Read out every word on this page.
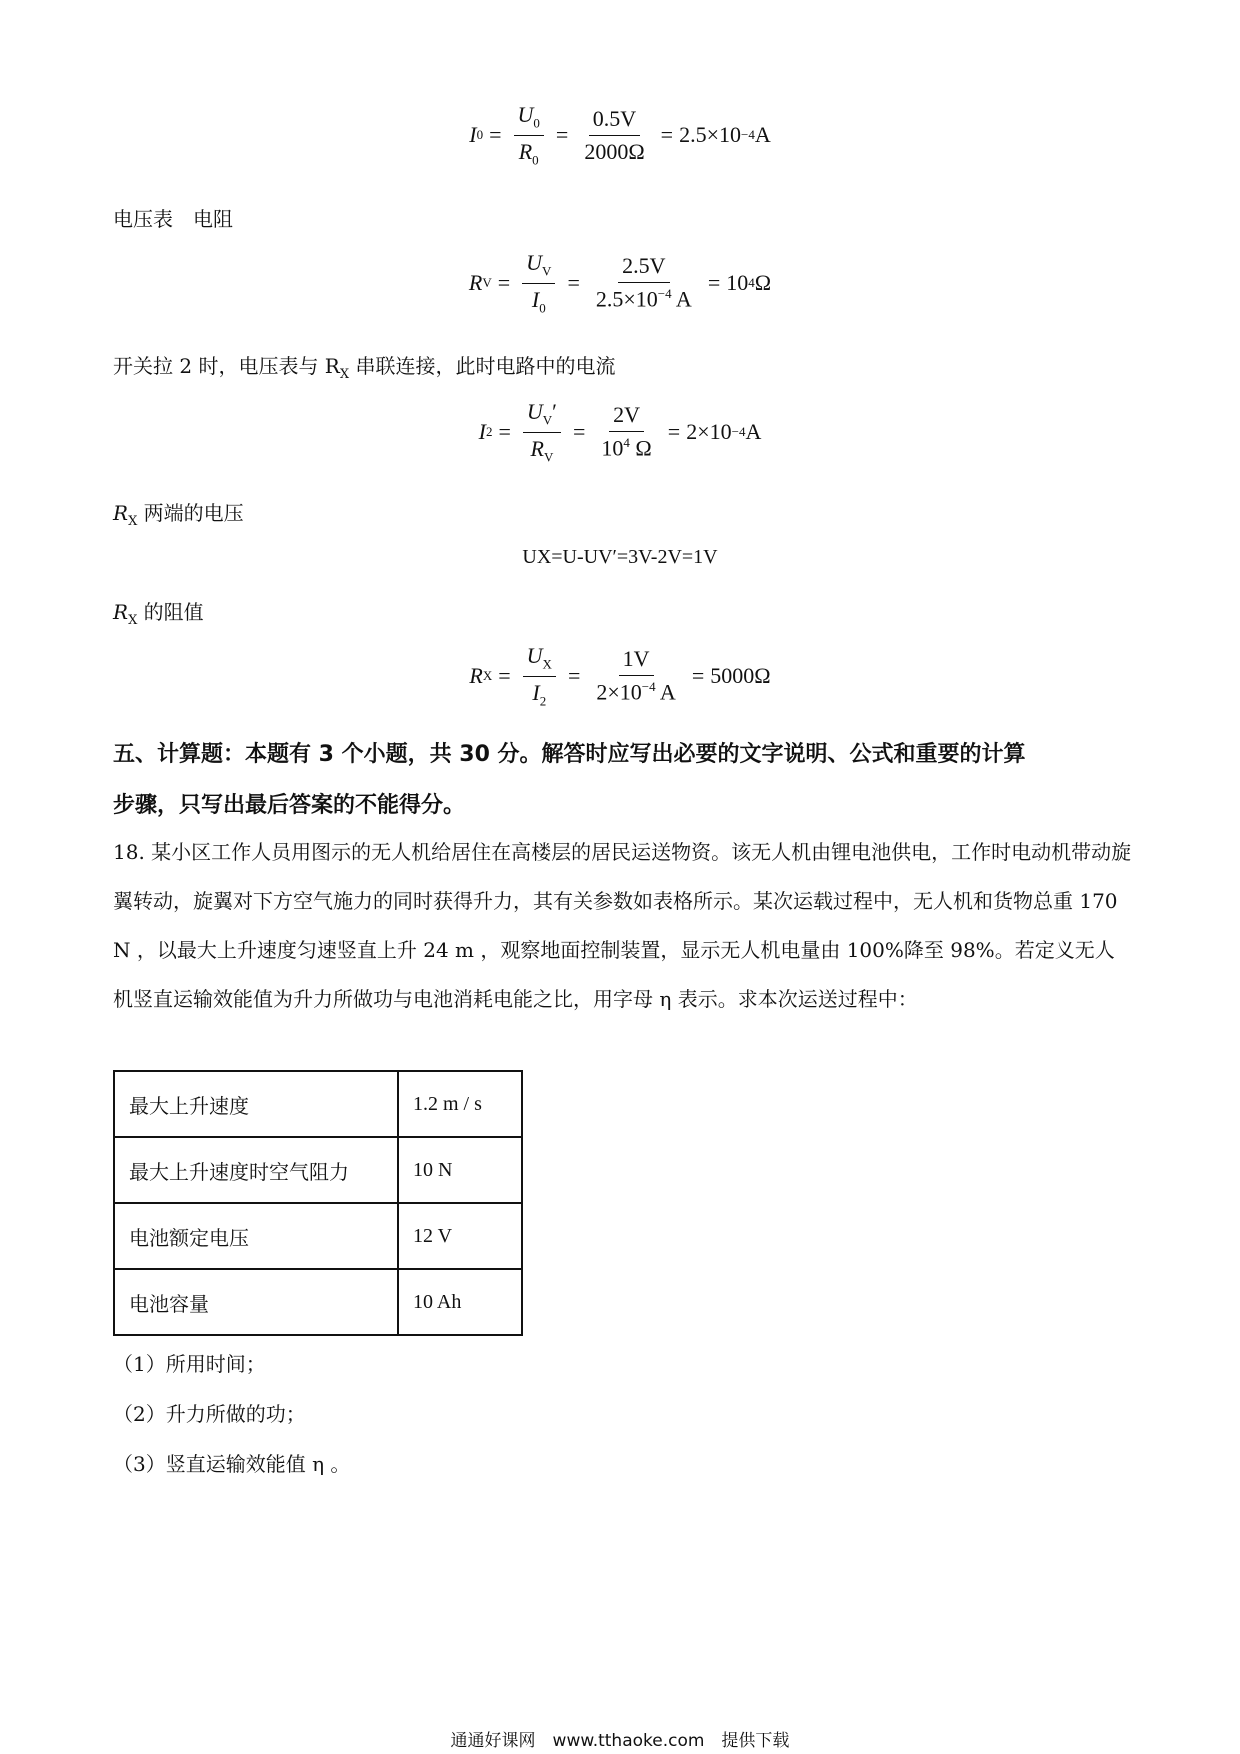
I $0 = \frac{U_0}{R_0} = \frac{0.5V}{2000\Omega} = 2.5\times 10 -4$ A
电压表　电阻
R $V = \frac{U_V}{I_0} = \frac{2.5V}{2.5\times 10^{-4} A} = 10$ 4 Ω
开关拉 2 时，电压表与 $R_X$ 串联连接，此时电路中的电流
I $2 = \frac{U_V'}{R_V} = \frac{2V}{10^4 \Omega} = 2\times 10 -4$ A
$R_X$ 两端的电压
UX=U-UV′=3V-2V=1V
$R_X$ 的阻值
R $X = \frac{U_X}{I_2} = \frac{1V}{2\times 10^{-4} A} = 5000\Omega$
五、计算题：本题有 3 个小题，共 30 分。解答时应写出必要的文字说明、公式和重要的计算
步骤，只写出最后答案的不能得分。

18. 某小区工作人员用图示的无人机给居住在高楼层的居民运送物资。该无人机由锂电池供电，工作时电动机带动旋翼转动，旋翼对下方空气施力的同时获得升力，其有关参数如表格所示。某次运载过程中，无人机和货物总重 170 N ，以最大上升速度匀速竖直上升 24 m ，观察地面控制装置，显示无人机电量由 100%降至 98%。若定义无人机竖直运输效能值为升力所做功与电池消耗电能之比，用字母 η 表示。求本次运送过程中：

最大上升速度	1.2 m / s
最大上升速度时空气阻力	10 N
电池额定电压	12 V
电池容量	10 Ah
（1）所用时间；
（2）升力所做的功；
（3）竖直运输效能值 η 。
通通好课网　www.tthaoke.com　提供下载
